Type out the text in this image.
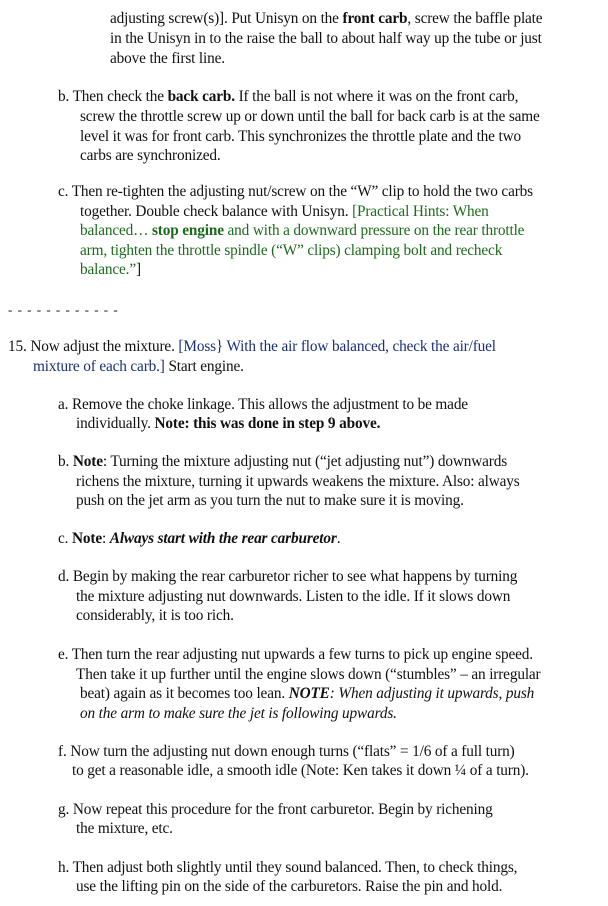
- - - - - - - - - - - -
adjusting screw(s)]. Put Unisyn on the front carb, screw the baffle plate
in the Unisyn in to the raise the ball to about half way up the tube or just
above the first line.
b. Then check the back carb. If the ball is not where it was on the front carb,
screw the throttle screw up or down until the ball for back carb is at the same
level it was for front carb. This synchronizes the throttle plate and the two
carbs are synchronized.
c. Then re-tighten the adjusting nut/screw on the “W” clip to hold the two carbs
together. Double check balance with Unisyn. [Practical Hints: When
balanced… stop engine and with a downward pressure on the rear throttle
arm, tighten the throttle spindle (“W” clips) clamping bolt and recheck
balance.”]
15. Now adjust the mixture. [Moss} With the air flow balanced, check the air/fuel
mixture of each carb.] Start engine.
a. Remove the choke linkage. This allows the adjustment to be made
individually. Note: this was done in step 9 above.
b. Note: Turning the mixture adjusting nut (“jet adjusting nut”) downwards
richens the mixture, turning it upwards weakens the mixture. Also: always
push on the jet arm as you turn the nut to make sure it is moving.
c. Note: Always start with the rear carburetor.
d. Begin by making the rear carburetor richer to see what happens by turning
the mixture adjusting nut downwards. Listen to the idle. If it slows down
considerably, it is too rich.
e. Then turn the rear adjusting nut upwards a few turns to pick up engine speed.
Then take it up further until the engine slows down (“stumbles” – an irregular
beat) again as it becomes too lean. NOTE: When adjusting it upwards, push
on the arm to make sure the jet is following upwards.
f. Now turn the adjusting nut down enough turns (“flats” = 1/6 of a full turn)
to get a reasonable idle, a smooth idle (Note: Ken takes it down ¼ of a turn).
g. Now repeat this procedure for the front carburetor. Begin by richening
the mixture, etc.
h. Then adjust both slightly until they sound balanced. Then, to check things,
use the lifting pin on the side of the carburetors. Raise the pin and hold.
